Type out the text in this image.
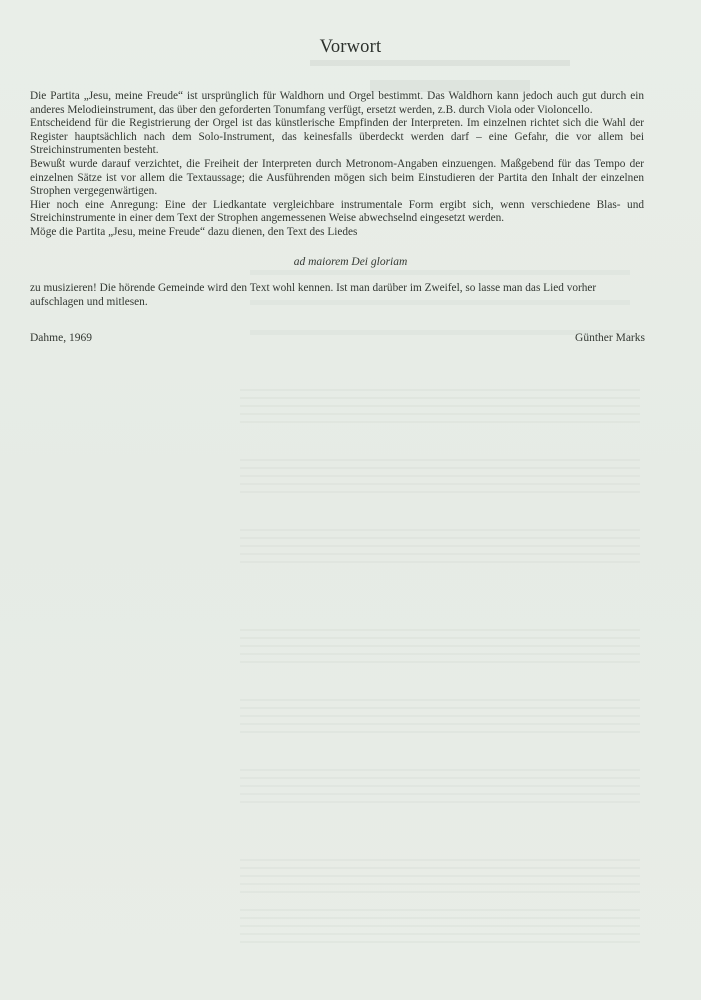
Vorwort

Die Partita „Jesu, meine Freude“ ist ursprünglich für Waldhorn und Orgel bestimmt. Das Waldhorn kann jedoch auch gut durch ein anderes Melodieinstrument, das über den geforderten Tonumfang verfügt, ersetzt werden, z.B. durch Viola oder Violoncello.

Entscheidend für die Registrierung der Orgel ist das künstlerische Empfinden der Interpreten. Im einzelnen richtet sich die Wahl der Register hauptsächlich nach dem Solo-Instrument, das keinesfalls überdeckt werden darf – eine Gefahr, die vor allem bei Streichinstrumenten besteht.

Bewußt wurde darauf verzichtet, die Freiheit der Interpreten durch Metronom-Angaben einzuengen. Maßgebend für das Tempo der einzelnen Sätze ist vor allem die Textaussage; die Ausführenden mögen sich beim Einstudieren der Partita den Inhalt der einzelnen Strophen vergegenwärtigen.

Hier noch eine Anregung: Eine der Liedkantate vergleichbare instrumentale Form ergibt sich, wenn verschiedene Blas- und Streichinstrumente in einer dem Text der Strophen angemessenen Weise abwechselnd eingesetzt werden.

Möge die Partita „Jesu, meine Freude“ dazu dienen, den Text des Liedes

ad maiorem Dei gloriam
zu musizieren! Die hörende Gemeinde wird den Text wohl kennen. Ist man darüber im Zweifel, so lasse man das Lied vorher aufschlagen und mitlesen.
Dahme, 1969	Günther Marks
